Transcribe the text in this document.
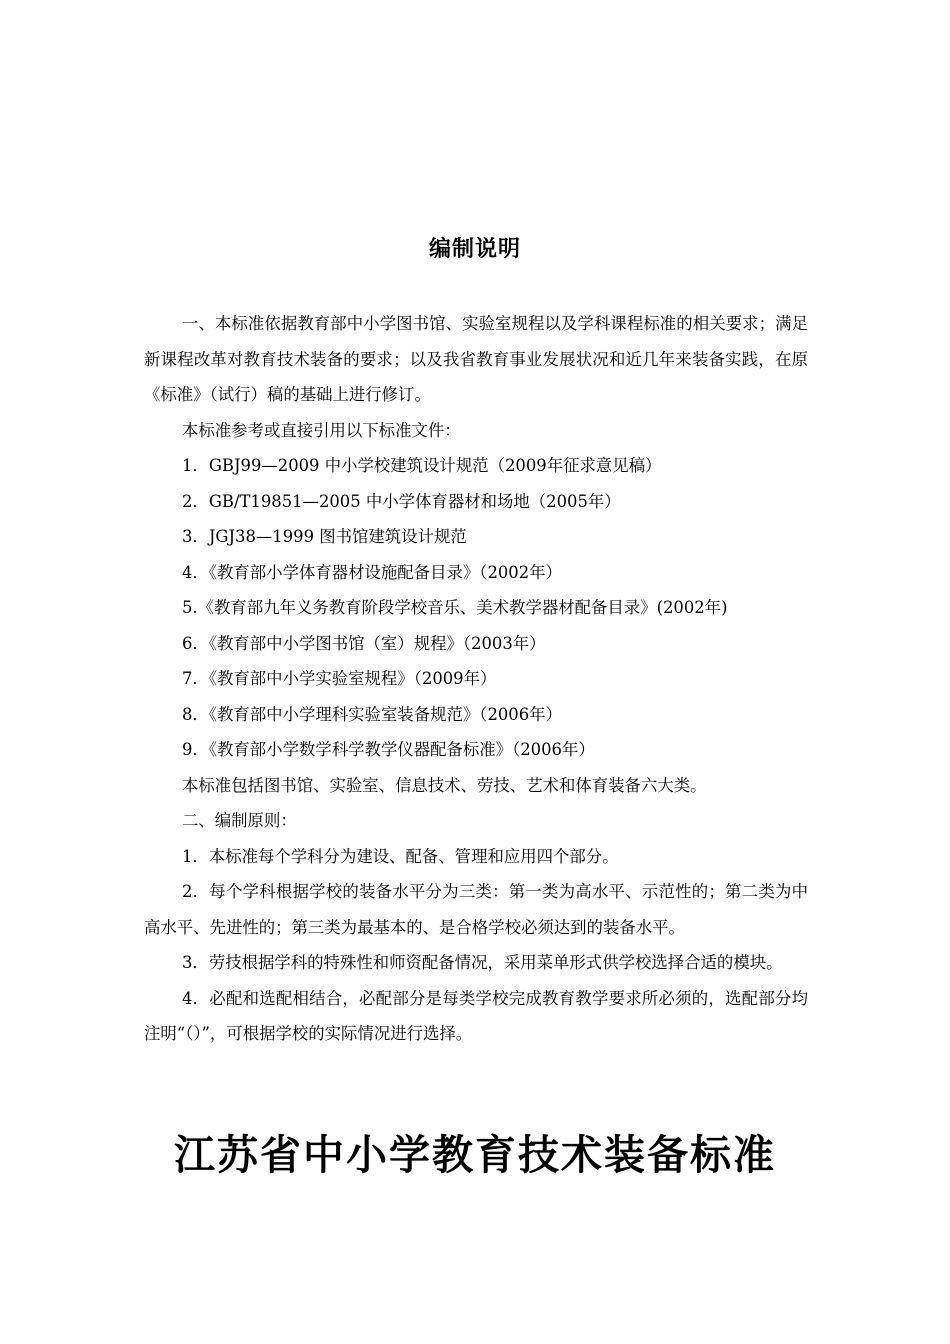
编制说明

一、本标准依据教育部中小学图书馆、实验室规程以及学科课程标准的相关要求；满足新课程改革对教育技术装备的要求；以及我省教育事业发展状况和近几年来装备实践，在原《标准》（试行）稿的基础上进行修订。

本标准参考或直接引用以下标准文件：

1．GBJ99—2009 中小学校建筑设计规范（2009年征求意见稿）

2．GB/T19851—2005 中小学体育器材和场地（2005年）

3．JGJ38—1999 图书馆建筑设计规范

4．《教育部小学体育器材设施配备目录》（2002年）

5.《教育部九年义务教育阶段学校音乐、美术教学器材配备目录》(2002年)

6．《教育部中小学图书馆（室）规程》（2003年）

7．《教育部中小学实验室规程》（2009年）

8．《教育部中小学理科实验室装备规范》（2006年）

9．《教育部小学数学科学教学仪器配备标准》（2006年）

本标准包括图书馆、实验室、信息技术、劳技、艺术和体育装备六大类。

二、编制原则：

1．本标准每个学科分为建设、配备、管理和应用四个部分。

2．每个学科根据学校的装备水平分为三类：第一类为高水平、示范性的；第二类为中高水平、先进性的；第三类为最基本的、是合格学校必须达到的装备水平。

3．劳技根据学科的特殊性和师资配备情况，采用菜单形式供学校选择合适的模块。

4．必配和选配相结合，必配部分是每类学校完成教育教学要求所必须的，选配部分均注明“（）”，可根据学校的实际情况进行选择。

江苏省中小学教育技术装备标准
